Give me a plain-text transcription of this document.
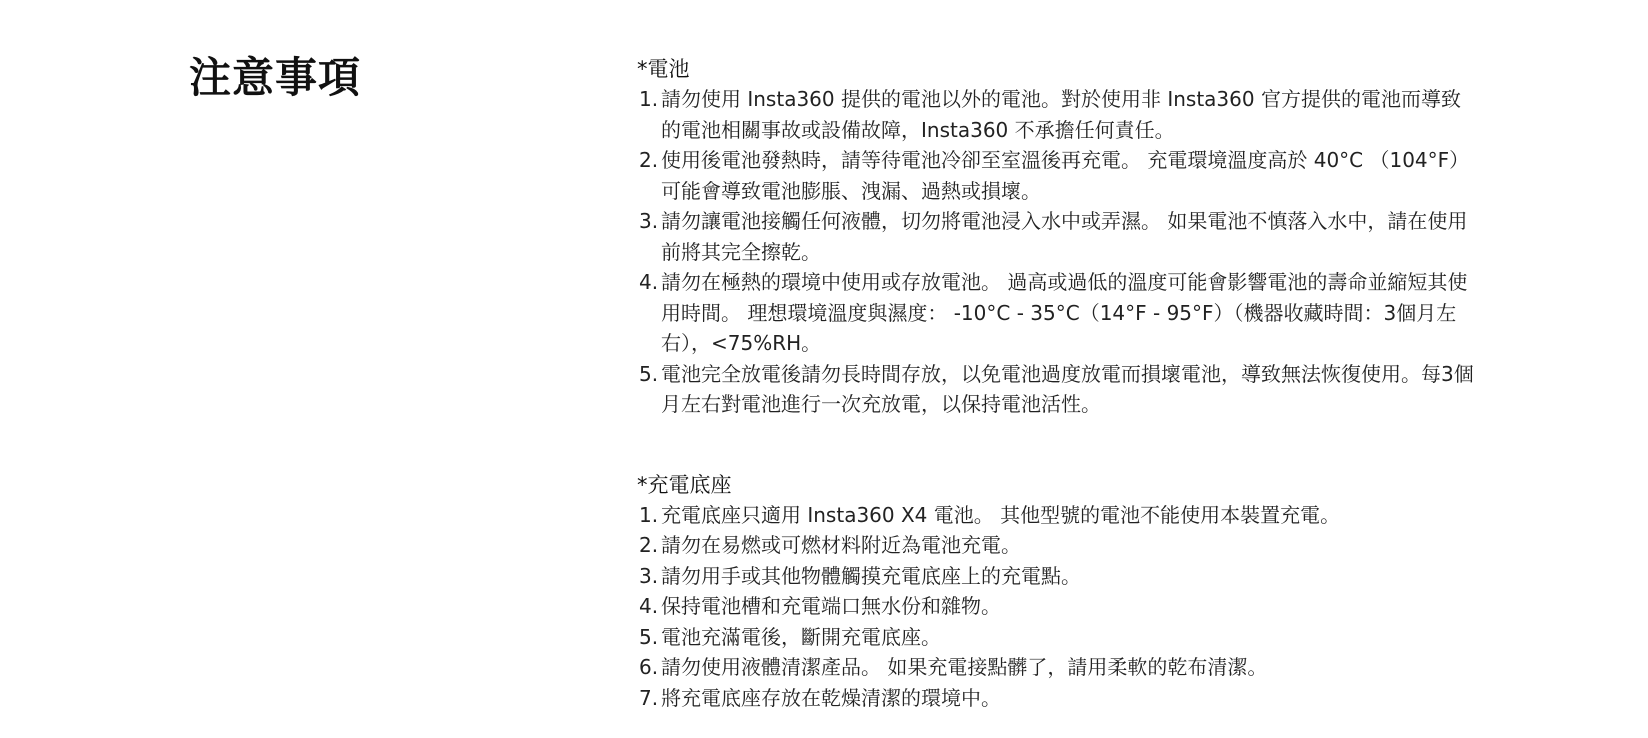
注意事項	*電池
1. 請勿使用 Insta360 提供的電池以外的電池。對於使用非 Insta360 官方提供的電池而導致的電池相關事故或設備故障，Insta360 不承擔任何責任。
2. 使用後電池發熱時，請等待電池冷卻至室溫後再充電。 充電環境溫度高於 40°C （104°F）可能會導致電池膨脹、洩漏、過熱或損壞。
3. 請勿讓電池接觸任何液體，切勿將電池浸入水中或弄濕。 如果電池不慎落入水中，請在使用前將其完全擦乾。
4. 請勿在極熱的環境中使用或存放電池。 過高或過低的溫度可能會影響電池的壽命並縮短其使用時間。 理想環境溫度與濕度： -10°C - 35°C（14°F - 95°F）（機器收藏時間：3個月左右），<75%RH。
5. 電池完全放電後請勿長時間存放，以免電池過度放電而損壞電池，導致無法恢復使用。每3個月左右對電池進行一次充放電，以保持電池活性。
*充電底座
1. 充電底座只適用 Insta360 X4 電池。 其他型號的電池不能使用本裝置充電。
2. 請勿在易燃或可燃材料附近為電池充電。
3. 請勿用手或其他物體觸摸充電底座上的充電點。
4. 保持電池槽和充電端口無水份和雜物。
5. 電池充滿電後，斷開充電底座。
6. 請勿使用液體清潔產品。 如果充電接點髒了，請用柔軟的乾布清潔。
7. 將充電底座存放在乾燥清潔的環境中。
